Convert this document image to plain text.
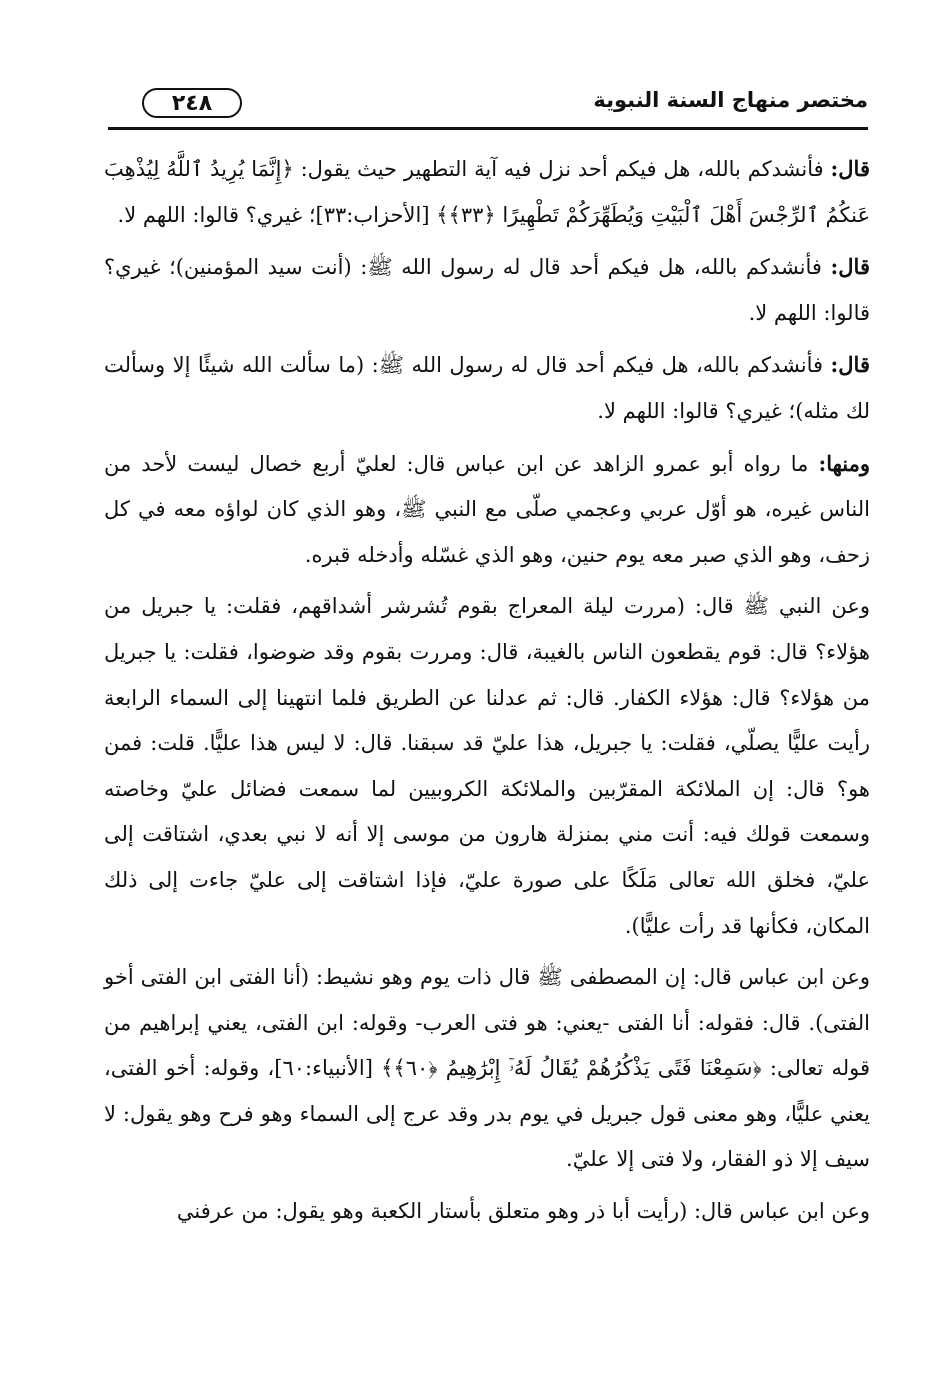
٢٤٨	مختصر منهاج السنة النبوية

قال: فأنشدكم بالله، هل فيكم أحد نزل فيه آية التطهير حيث يقول: ﴿إِنَّمَا يُرِيدُ ٱللَّهُ لِيُذْهِبَ عَنكُمُ ٱلرِّجْسَ أَهْلَ ٱلْبَيْتِ وَيُطَهِّرَكُمْ تَطْهِيرًا ﴿٣٣﴾﴾ [الأحزاب:٣٣]؛ غيري؟ قالوا: اللهم لا.

قال: فأنشدكم بالله، هل فيكم أحد قال له رسول الله ﷺ: (أنت سيد المؤمنين)؛ غيري؟ قالوا: اللهم لا.

قال: فأنشدكم بالله، هل فيكم أحد قال له رسول الله ﷺ: (ما سألت الله شيئًا إلا وسألت لك مثله)؛ غيري؟ قالوا: اللهم لا.

ومنها: ما رواه أبو عمرو الزاهد عن ابن عباس قال: لعليّ أربع خصال ليست لأحد من الناس غيره، هو أوّل عربي وعجمي صلّى مع النبي ﷺ، وهو الذي كان لواؤه معه في كل زحف، وهو الذي صبر معه يوم حنين، وهو الذي غسّله وأدخله قبره.

وعن النبي ﷺ قال: (مررت ليلة المعراج بقوم تُشرشر أشداقهم، فقلت: يا جبريل من هؤلاء؟ قال: قوم يقطعون الناس بالغيبة، قال: ومررت بقوم وقد ضوضوا، فقلت: يا جبريل من هؤلاء؟ قال: هؤلاء الكفار. قال: ثم عدلنا عن الطريق فلما انتهينا إلى السماء الرابعة رأيت عليًّا يصلّي، فقلت: يا جبريل، هذا عليّ قد سبقنا. قال: لا ليس هذا عليًّا. قلت: فمن هو؟ قال: إن الملائكة المقرّبين والملائكة الكروبيين لما سمعت فضائل عليّ وخاصته وسمعت قولك فيه: أنت مني بمنزلة هارون من موسى إلا أنه لا نبي بعدي، اشتاقت إلى عليّ، فخلق الله تعالى مَلَكًا على صورة عليّ، فإذا اشتاقت إلى عليّ جاءت إلى ذلك المكان، فكأنها قد رأت عليًّا).

وعن ابن عباس قال: إن المصطفى ﷺ قال ذات يوم وهو نشيط: (أنا الفتى ابن الفتى أخو الفتى). قال: فقوله: أنا الفتى -يعني: هو فتى العرب- وقوله: ابن الفتى، يعني إبراهيم من قوله تعالى: ﴿سَمِعْنَا فَتًى يَذْكُرُهُمْ يُقَالُ لَهُۥٓ إِبْرَٰهِيمُ ﴿٦٠﴾﴾ [الأنبياء:٦٠]، وقوله: أخو الفتى، يعني عليًّا، وهو معنى قول جبريل في يوم بدر وقد عرج إلى السماء وهو فرح وهو يقول: لا سيف إلا ذو الفقار، ولا فتى إلا عليّ.

وعن ابن عباس قال: (رأيت أبا ذر وهو متعلق بأستار الكعبة وهو يقول: من عرفني
